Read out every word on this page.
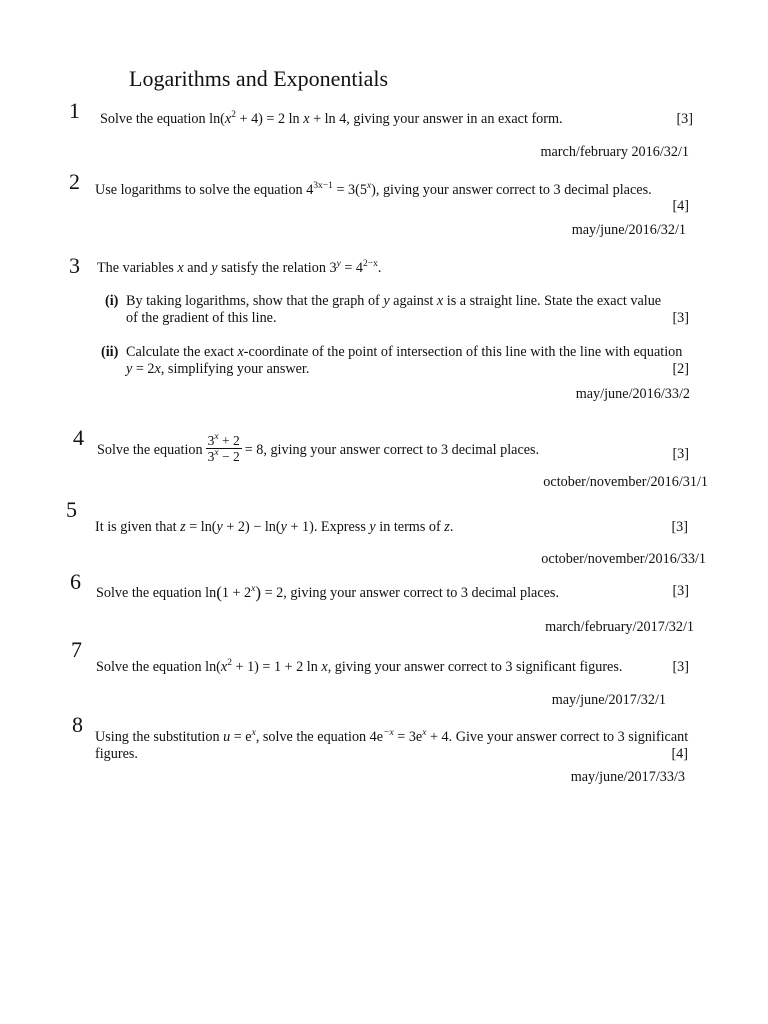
Logarithms and Exponentials
1 Solve the equation $\ln(x^2 + 4) = 2$ ln x + ln 4, giving your answer in an exact form.	[3]
march/february 2016/32/1
2 Use logarithms to solve the equation $4^{3x-1} = 3(5^x)$, giving your answer correct to 3 decimal places.
[4]
may/june/2016/32/1
3 The variables x and y satisfy the relation $3^y = 4^{2-x}$.
(i) By taking logarithms, show that the graph of y against x is a straight line. State the exact value
of the gradient of this line.	[3]
(ii) Calculate the exact x-coordinate of the point of intersection of this line with the line with equation
y = 2x, simplifying your answer.	[2]
may/june/2016/33/2
4 Solve the equation $\frac{3^x + 2}{3^x - 2} = 8$, giving your answer correct to 3 decimal places.	[3]
october/november/2016/31/1
5
It is given that z = ln(y + 2) − ln(y + 1). Express y in terms of z.	[3]
october/november/2016/33/1
6 Solve the equation $\ln(1 + 2^x) = 2$, giving your answer correct to 3 decimal places.	[3]
march/february/2017/32/1
7
Solve the equation $\ln(x^2 + 1) = 1 + 2$ ln x, giving your answer correct to 3 significant figures.	[3]
may/june/2017/32/1
8 Using the substitution $u = e^x$, solve the equation $4e^{-x} = 3e^x + 4$. Give your answer correct to 3 significant
figures.	[4]
may/june/2017/33/3
